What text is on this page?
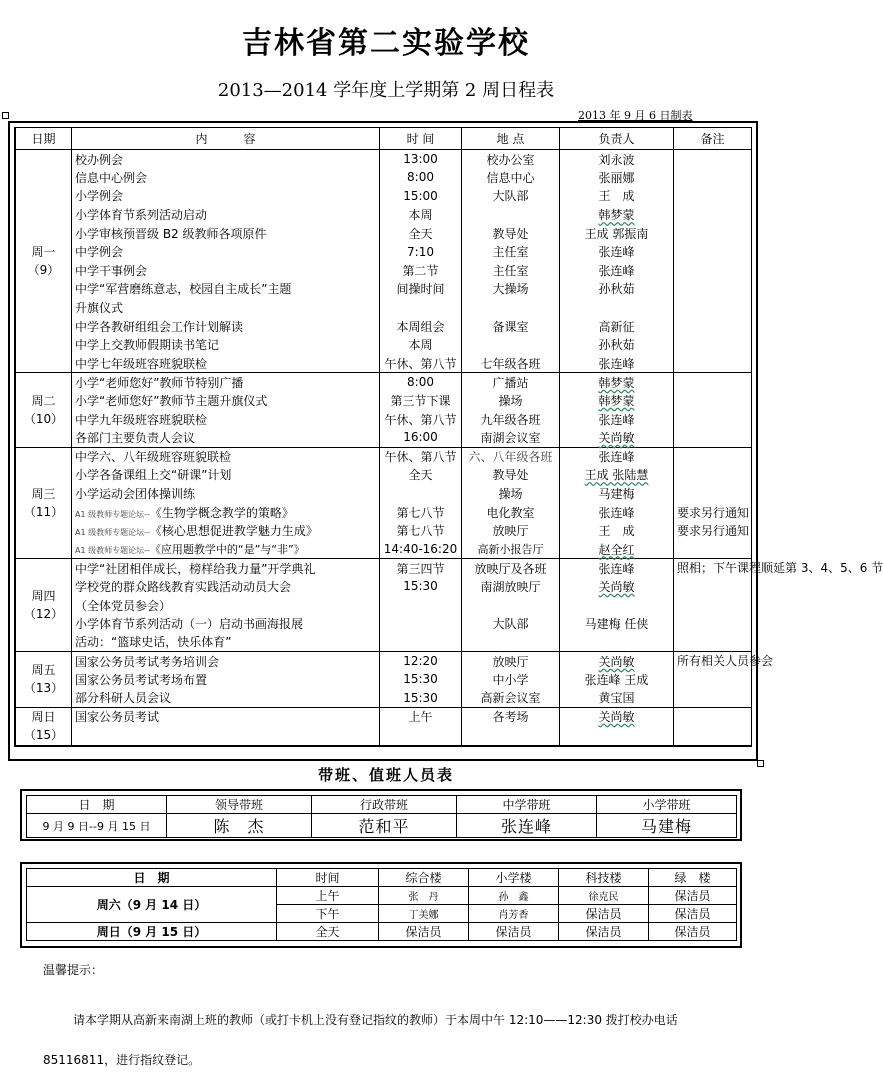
吉林省第二实验学校
2013—2014 学年度上学期第 2 周日程表
2013 年 9 月 6 日制表
日期	内　　　容	时 间	地 点	负责人	备注
周一
（9）	校办例会	13:00	校办公室	刘永波	
	信息中心例会	8:00	信息中心	张丽娜	
	小学例会	15:00	大队部	王　成	
	小学体育节系列活动启动	本周		韩梦蒙	
	小学审核预晋级 B2 级教师各项原件	全天	教导处	王成 郭振南	
	中学例会	7:10	主任室	张连峰	
	中学干事例会	第二节	主任室	张连峰	
	中学“军营磨练意志，校园自主成长”主题	间操时间	大操场	孙秋茹	
	升旗仪式				
	中学各教研组组会工作计划解读	本周组会	备课室	高新征	
	中学上交教师假期读书笔记	本周		孙秋茹	
	中学七年级班容班貌联检	午休、第八节	七年级各班	张连峰	
周二
（10）	小学“老师您好”教师节特别广播	8:00	广播站	韩梦蒙	
	小学“老师您好”教师节主题升旗仪式	第三节下课	操场	韩梦蒙	
	中学九年级班容班貌联检	午休、第八节	九年级各班	张连峰	
	各部门主要负责人会议	16:00	南湖会议室	关尚敏	
周三
（11）	中学六、八年级班容班貌联检	午休、第八节	六、八年级各班	张连峰	
	小学各备课组上交“研课”计划	全天	教导处	王成 张陆慧	
	小学运动会团体操训练		操场	马建梅	
	A1 级教师专题论坛--《生物学概念教学的策略》	第七八节	电化教室	张连峰	要求另行通知
	A1 级教师专题论坛--《核心思想促进教学魅力生成》	第七八节	放映厅	王　成	要求另行通知
	A1 级教师专题论坛--《应用题教学中的“是”与“非”》	14:40-16:20	高新小报告厅	赵全红	
周四
（12）	中学“社团相伴成长，榜样给我力量”开学典礼	第三四节	放映厅及各班	张连峰	照相；下午课程顺延第 3、4、5、6 节
	学校党的群众路线教育实践活动动员大会	15:30	南湖放映厅	关尚敏	
	（全体党员参会）				
	小学体育节系列活动（一）启动书画海报展		大队部	马建梅 任侠	
	活动：“篮球史话，快乐体育”				
周五
（13）	国家公务员考试考务培训会	12:20	放映厅	关尚敏	所有相关人员参会
	国家公务员考试考场布置	15:30	中小学	张连峰 王成	
	部分科研人员会议	15:30	高新会议室	黄宝国	
周日
（15）	国家公务员考试	上午	各考场	关尚敏	
带班、值班人员表
日　期	领导带班	行政带班	中学带班	小学带班
9 月 9 日--9 月 15 日	陈　杰	范和平	张连峰	马建梅
日　期	时间	综合楼	小学楼	科技楼	绿　楼
周六（9 月 14 日）	上午	张　丹	孙　鑫	徐克民	保洁员
	下午	丁美娜	肖芳香	保洁员	保洁员
周日（9 月 15 日）	全天	保洁员	保洁员	保洁员	保洁员
温馨提示：
请本学期从高新来南湖上班的教师（或打卡机上没有登记指纹的教师）于本周中午 12:10——12:30 拨打校办电话 85116811，进行指纹登记。
